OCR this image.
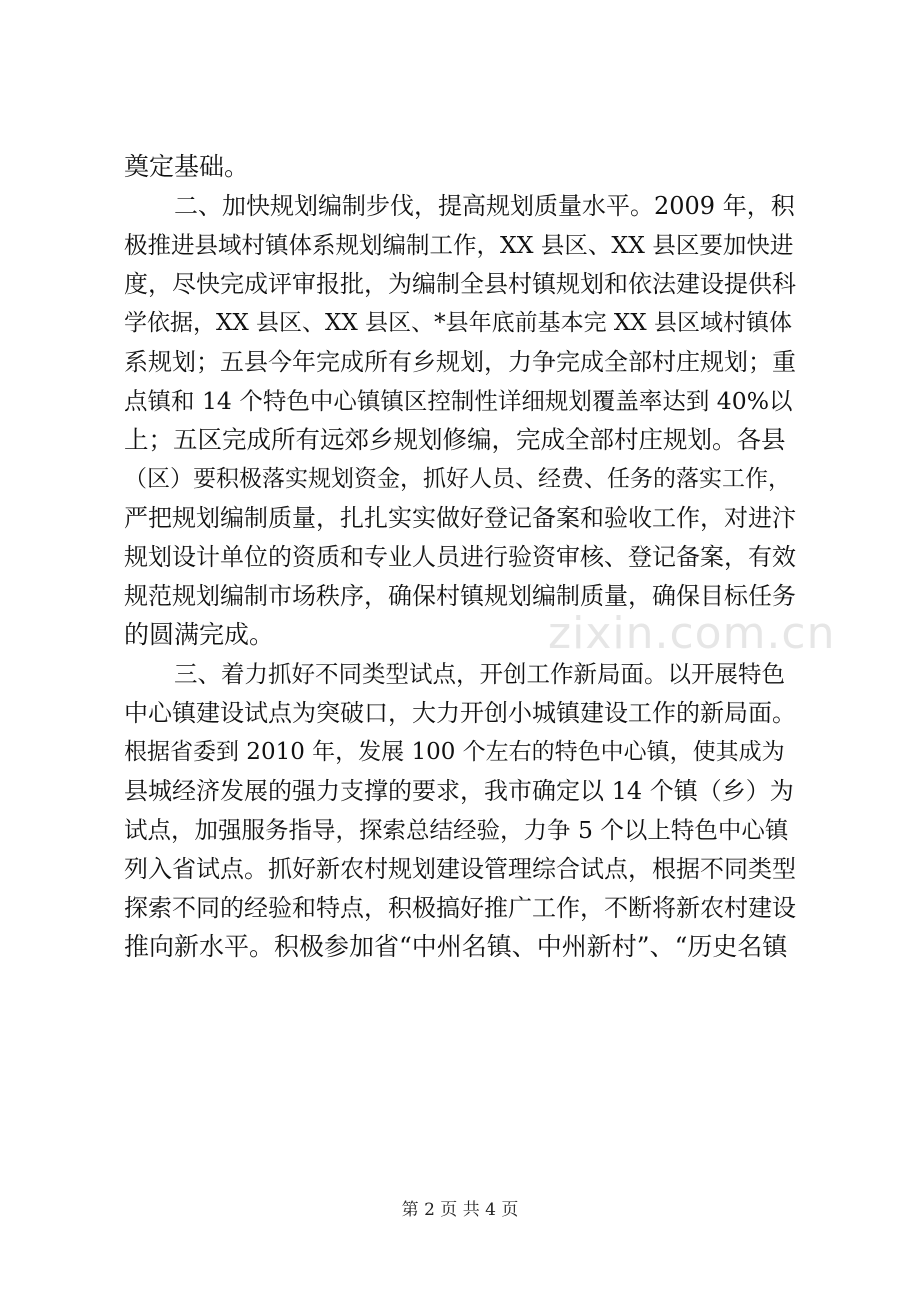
zixin.com.cn
奠定基础。
二、加快规划编制步伐，提高规划质量水平。2009 年，积
极推进县域村镇体系规划编制工作，XX 县区、XX 县区要加快进
度，尽快完成评审报批，为编制全县村镇规划和依法建设提供科
学依据，XX 县区、XX 县区、*县年底前基本完 XX 县区域村镇体
系规划；五县今年完成所有乡规划，力争完成全部村庄规划；重
点镇和 14 个特色中心镇镇区控制性详细规划覆盖率达到 40%以
上；五区完成所有远郊乡规划修编，完成全部村庄规划。各县
（区）要积极落实规划资金，抓好人员、经费、任务的落实工作，
严把规划编制质量，扎扎实实做好登记备案和验收工作，对进汴
规划设计单位的资质和专业人员进行验资审核、登记备案，有效
规范规划编制市场秩序，确保村镇规划编制质量，确保目标任务
的圆满完成。
三、着力抓好不同类型试点，开创工作新局面。以开展特色
中心镇建设试点为突破口，大力开创小城镇建设工作的新局面。
根据省委到 2010 年，发展 100 个左右的特色中心镇，使其成为
县城经济发展的强力支撑的要求，我市确定以 14 个镇（乡）为
试点，加强服务指导，探索总结经验，力争 5 个以上特色中心镇
列入省试点。抓好新农村规划建设管理综合试点，根据不同类型
探索不同的经验和特点，积极搞好推广工作，不断将新农村建设
推向新水平。积极参加省“中州名镇、中州新村”、“历史名镇
第 2 页 共 4 页
